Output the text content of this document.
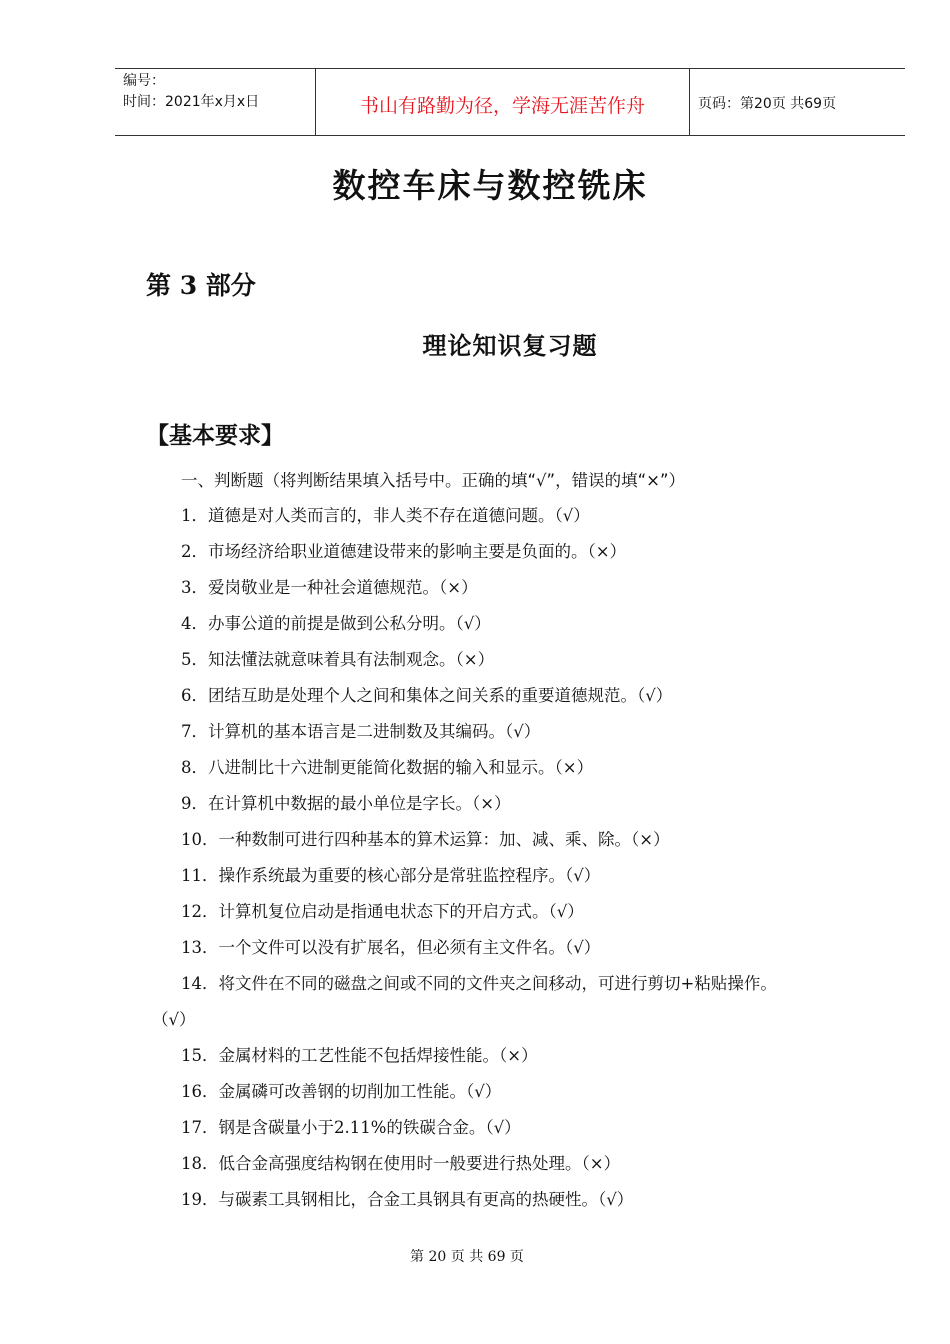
编号：
时间：2021年x月x日	书山有路勤为径，学海无涯苦作舟	页码：第20页 共69页
数控车床与数控铣床
第 3 部分
理论知识复习题
【基本要求】
一、判断题（将判断结果填入括号中。正确的填“√”，错误的填“×”）
1．道德是对人类而言的，非人类不存在道德问题。（√）
2．市场经济给职业道德建设带来的影响主要是负面的。（×）
3．爱岗敬业是一种社会道德规范。（×）
4．办事公道的前提是做到公私分明。（√）
5．知法懂法就意味着具有法制观念。（×）
6．团结互助是处理个人之间和集体之间关系的重要道德规范。（√）
7．计算机的基本语言是二进制数及其编码。（√）
8．八进制比十六进制更能简化数据的输入和显示。（×）
9．在计算机中数据的最小单位是字长。（×）
10．一种数制可进行四种基本的算术运算：加、减、乘、除。（×）
11．操作系统最为重要的核心部分是常驻监控程序。（√）
12．计算机复位启动是指通电状态下的开启方式。（√）
13．一个文件可以没有扩展名，但必须有主文件名。（√）
14．将文件在不同的磁盘之间或不同的文件夹之间移动，可进行剪切+粘贴操作。
（√）
15．金属材料的工艺性能不包括焊接性能。（×）
16．金属磷可改善钢的切削加工性能。（√）
17．钢是含碳量小于2.11%的铁碳合金。（√）
18．低合金高强度结构钢在使用时一般要进行热处理。（×）
19．与碳素工具钢相比，合金工具钢具有更高的热硬性。（√）
第 20 页 共 69 页
